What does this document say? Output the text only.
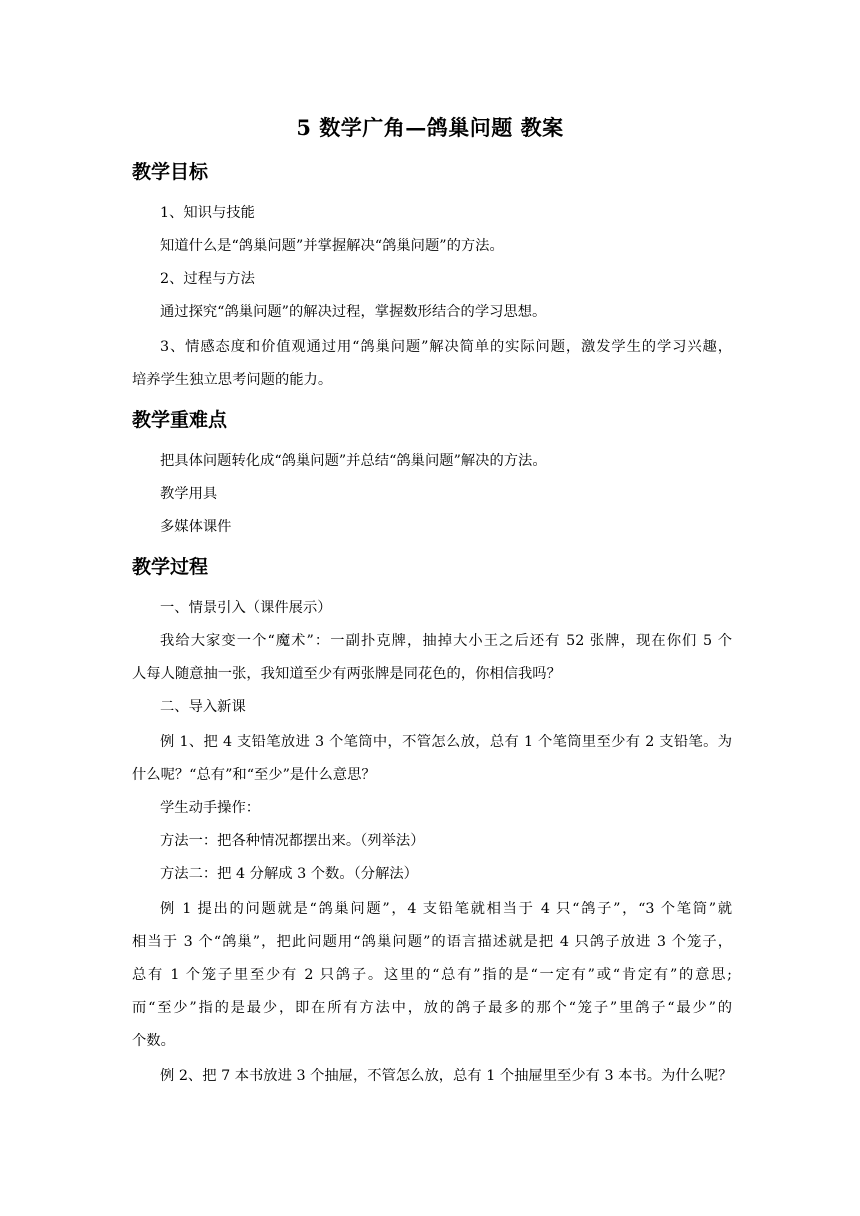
5 数学广角—鸽巢问题 教案
教学目标
1、知识与技能
知道什么是“鸽巢问题”并掌握解决“鸽巢问题”的方法。
2、过程与方法
通过探究“鸽巢问题”的解决过程，掌握数形结合的学习思想。
3、情感态度和价值观通过用“鸽巢问题”解决简单的实际问题，激发学生的学习兴趣，
培养学生独立思考问题的能力。
教学重难点
把具体问题转化成“鸽巢问题”并总结“鸽巢问题”解决的方法。
教学用具
多媒体课件
教学过程
一、情景引入（课件展示）
我给大家变一个“魔术”：一副扑克牌，抽掉大小王之后还有 52 张牌，现在你们 5 个
人每人随意抽一张，我知道至少有两张牌是同花色的，你相信我吗？
二、导入新课
例 1、把 4 支铅笔放进 3 个笔筒中，不管怎么放，总有 1 个笔筒里至少有 2 支铅笔。为
什么呢？“总有”和“至少”是什么意思？
学生动手操作：
方法一：把各种情况都摆出来。（列举法）
方法二：把 4 分解成 3 个数。（分解法）
例 1 提出的问题就是“鸽巢问题”，4 支铅笔就相当于 4 只“鸽子”，“3 个笔筒”就
相当于 3 个“鸽巢”，把此问题用“鸽巢问题”的语言描述就是把 4 只鸽子放进 3 个笼子，
总有 1 个笼子里至少有 2 只鸽子。这里的“总有”指的是“一定有”或“肯定有”的意思;
而“至少”指的是最少，即在所有方法中，放的鸽子最多的那个“笼子”里鸽子“最少”的
个数。
例 2、把 7 本书放进 3 个抽屉，不管怎么放，总有 1 个抽屉里至少有 3 本书。为什么呢？
